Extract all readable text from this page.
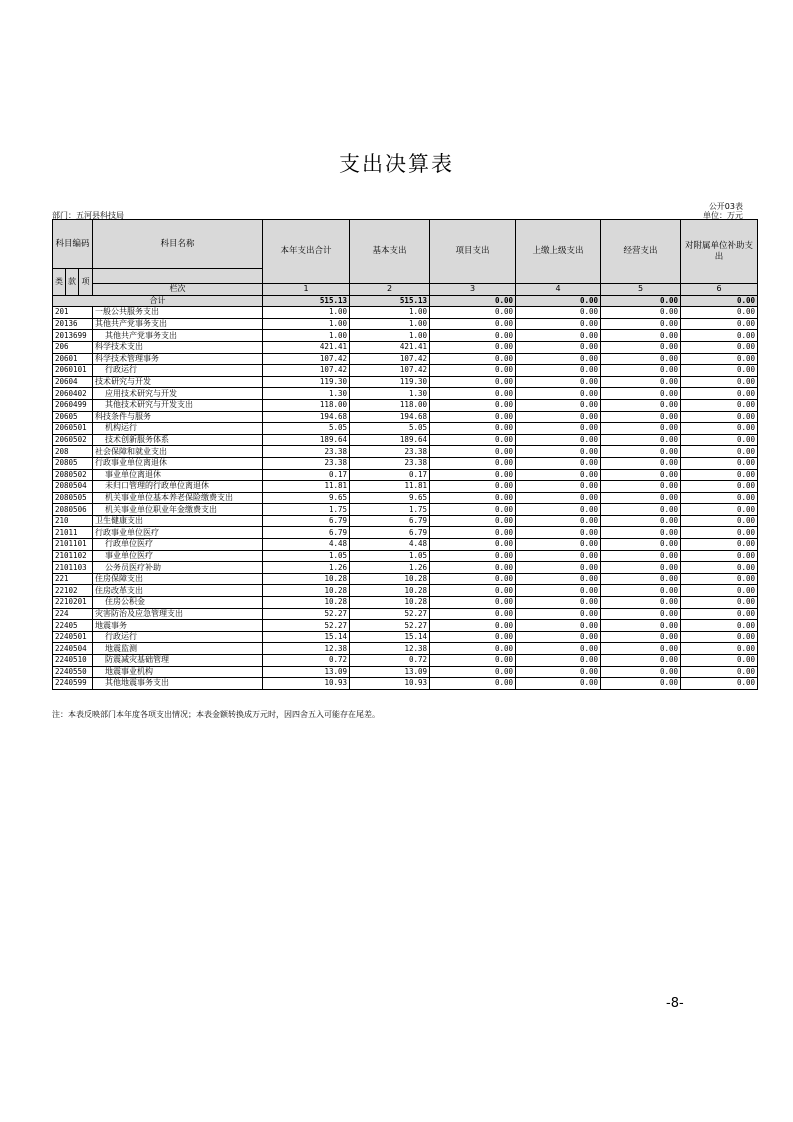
支出决算表
公开03表
部门：五河县科技局	单位：万元
科目编码			科目名称	本年支出合计	基本支出	项目支出	上缴上级支出	经营支出	对附属单位补助支出
类	款	项							
			栏次	1	2	3	4	5	6
合计				515.13	515.13	0.00	0.00	0.00	0.00
201			一般公共服务支出	1.00	1.00	0.00	0.00	0.00	0.00
20136			其他共产党事务支出	1.00	1.00	0.00	0.00	0.00	0.00
2013699			其他共产党事务支出	1.00	1.00	0.00	0.00	0.00	0.00
206			科学技术支出	421.41	421.41	0.00	0.00	0.00	0.00
20601			科学技术管理事务	107.42	107.42	0.00	0.00	0.00	0.00
2060101			行政运行	107.42	107.42	0.00	0.00	0.00	0.00
20604			技术研究与开发	119.30	119.30	0.00	0.00	0.00	0.00
2060402			应用技术研究与开发	1.30	1.30	0.00	0.00	0.00	0.00
2060499			其他技术研究与开发支出	118.00	118.00	0.00	0.00	0.00	0.00
20605			科技条件与服务	194.68	194.68	0.00	0.00	0.00	0.00
2060501			机构运行	5.05	5.05	0.00	0.00	0.00	0.00
2060502			技术创新服务体系	189.64	189.64	0.00	0.00	0.00	0.00
208			社会保障和就业支出	23.38	23.38	0.00	0.00	0.00	0.00
20805			行政事业单位离退休	23.38	23.38	0.00	0.00	0.00	0.00
2080502			事业单位离退休	0.17	0.17	0.00	0.00	0.00	0.00
2080504			未归口管理的行政单位离退休	11.81	11.81	0.00	0.00	0.00	0.00
2080505			机关事业单位基本养老保险缴费支出	9.65	9.65	0.00	0.00	0.00	0.00
2080506			机关事业单位职业年金缴费支出	1.75	1.75	0.00	0.00	0.00	0.00
210			卫生健康支出	6.79	6.79	0.00	0.00	0.00	0.00
21011			行政事业单位医疗	6.79	6.79	0.00	0.00	0.00	0.00
2101101			行政单位医疗	4.48	4.48	0.00	0.00	0.00	0.00
2101102			事业单位医疗	1.05	1.05	0.00	0.00	0.00	0.00
2101103			公务员医疗补助	1.26	1.26	0.00	0.00	0.00	0.00
221			住房保障支出	10.28	10.28	0.00	0.00	0.00	0.00
22102			住房改革支出	10.28	10.28	0.00	0.00	0.00	0.00
2210201			住房公积金	10.28	10.28	0.00	0.00	0.00	0.00
224			灾害防治及应急管理支出	52.27	52.27	0.00	0.00	0.00	0.00
22405			地震事务	52.27	52.27	0.00	0.00	0.00	0.00
2240501			行政运行	15.14	15.14	0.00	0.00	0.00	0.00
2240504			地震监测	12.38	12.38	0.00	0.00	0.00	0.00
2240510			防震减灾基础管理	0.72	0.72	0.00	0.00	0.00	0.00
2240550			地震事业机构	13.09	13.09	0.00	0.00	0.00	0.00
2240599			其他地震事务支出	10.93	10.93	0.00	0.00	0.00	0.00
注：本表反映部门本年度各项支出情况；本表金额转换成万元时，因四舍五入可能存在尾差。
-8-
